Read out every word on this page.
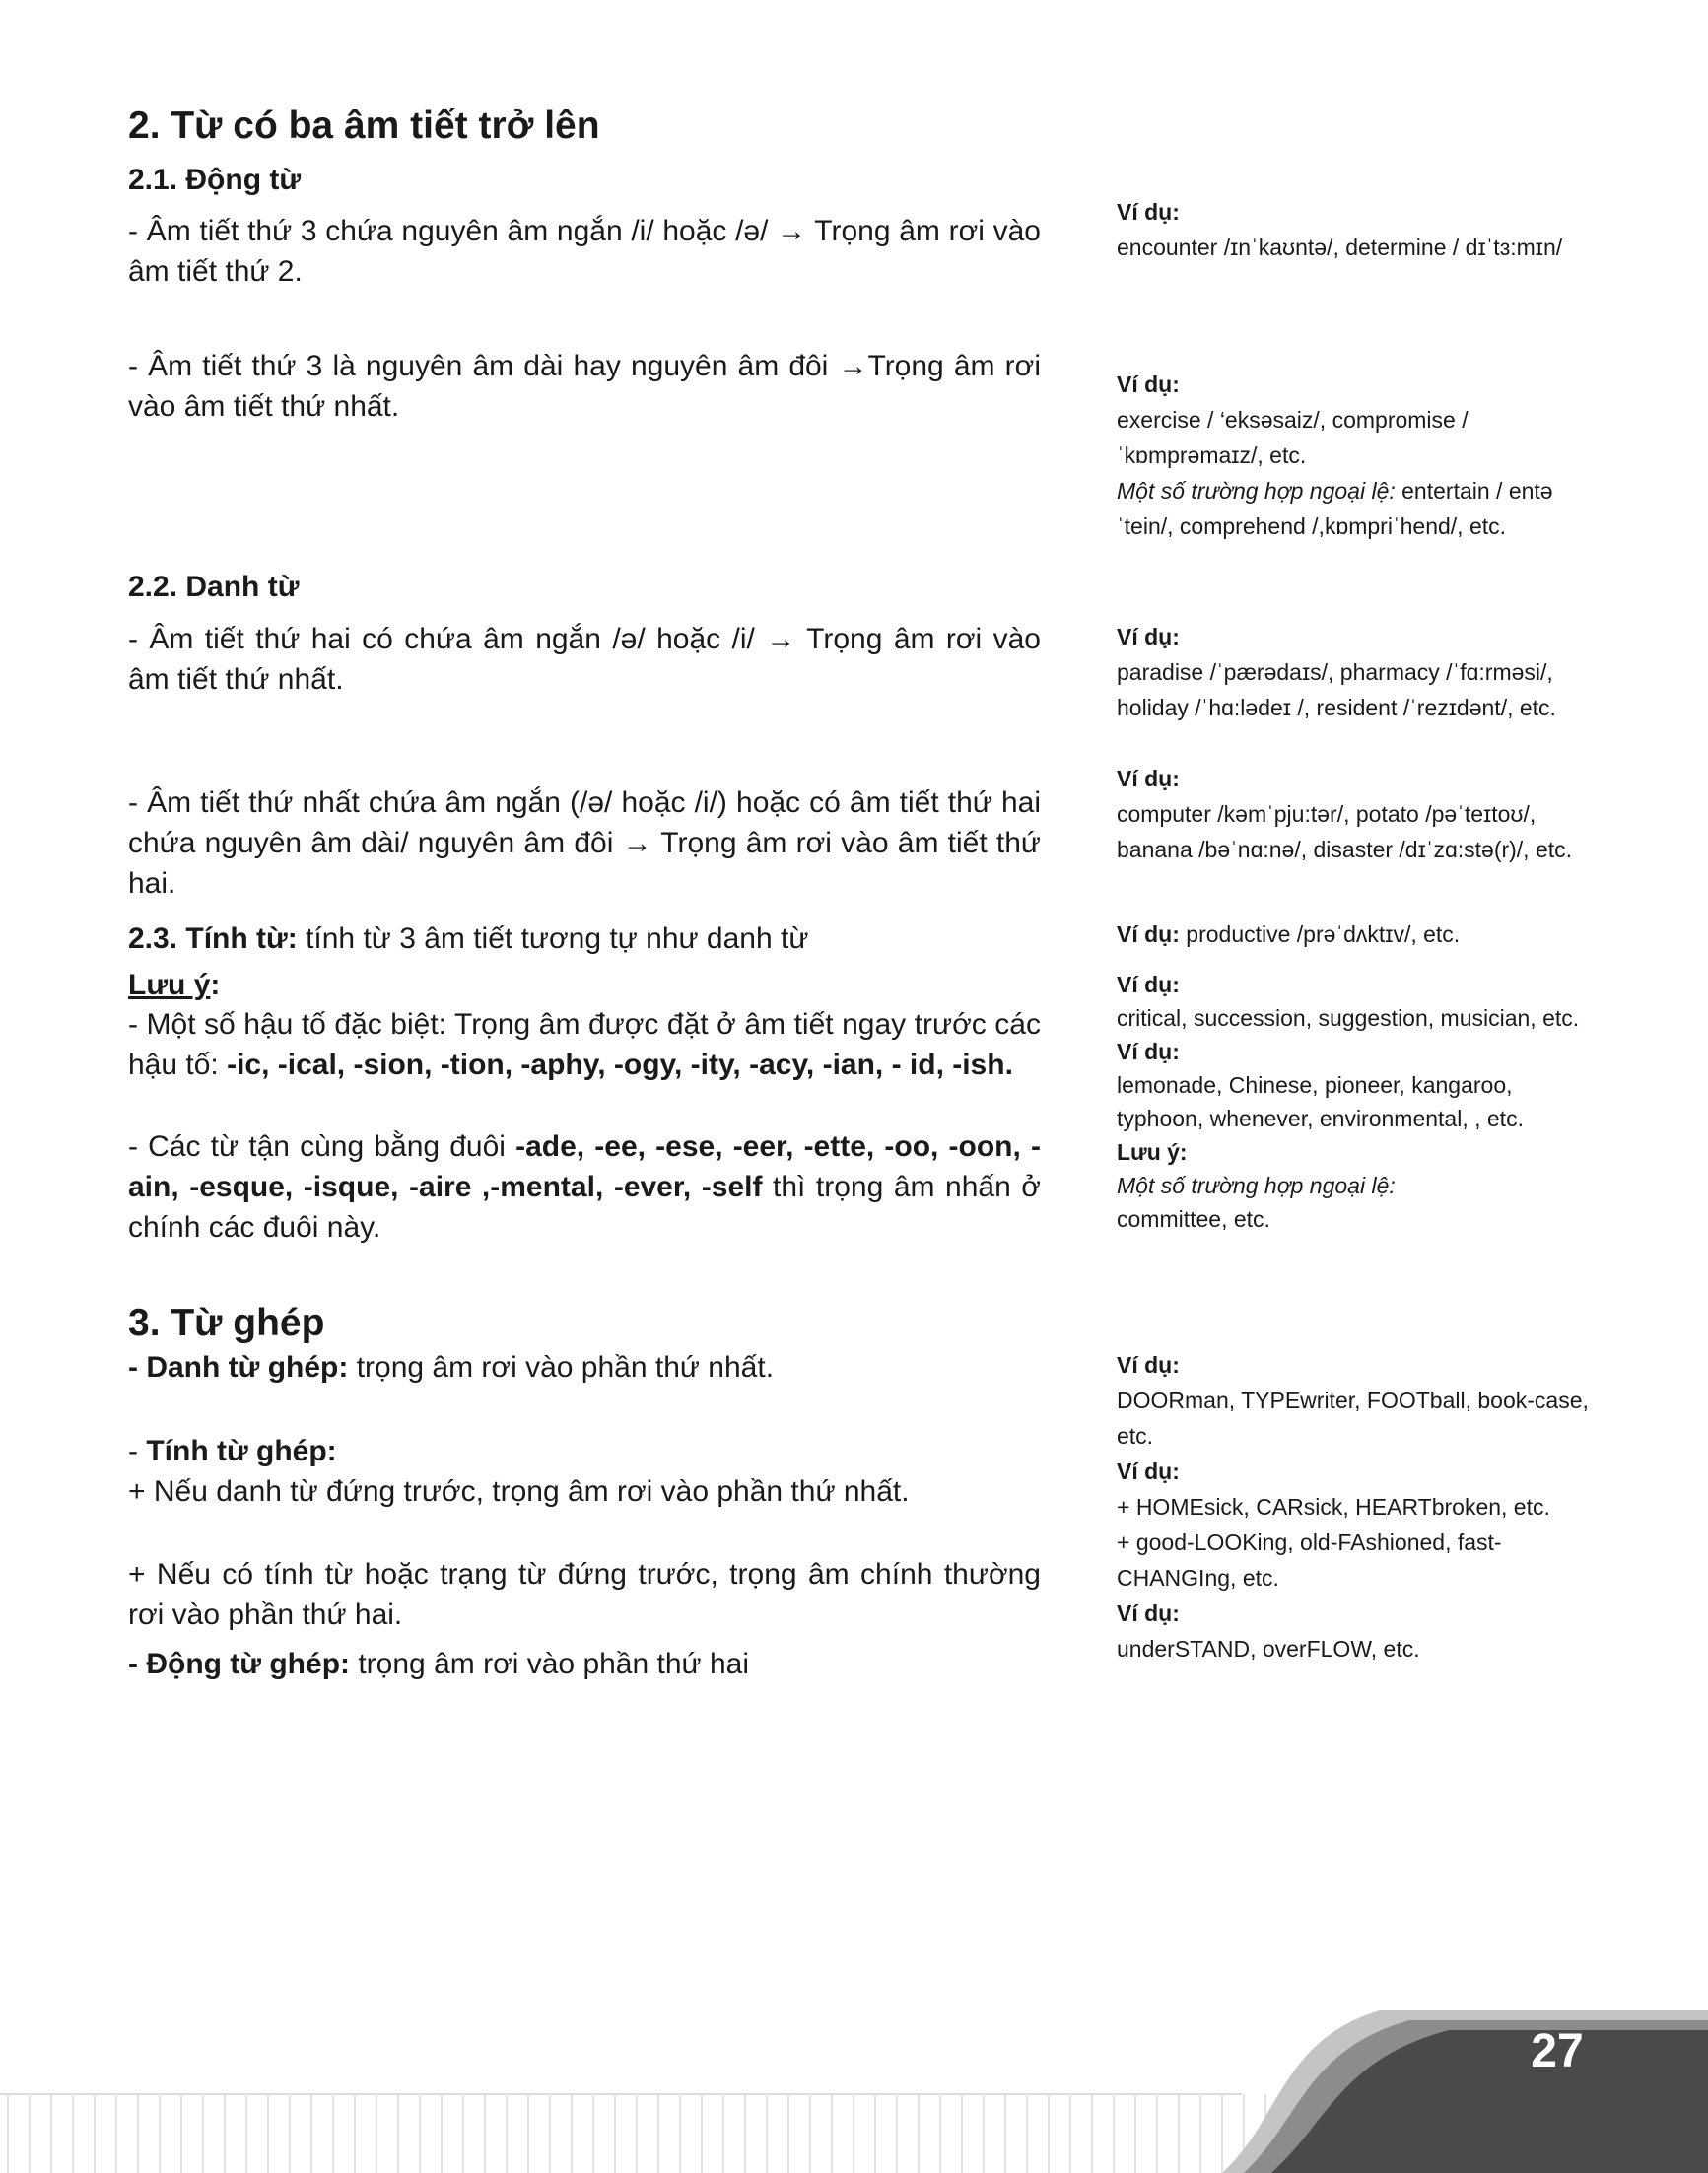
2. Từ có ba âm tiết trở lên
2.1. Động từ
- Âm tiết thứ 3 chứa nguyên âm ngắn /i/ hoặc /ə/ → Trọng âm rơi vào âm tiết thứ 2.
- Âm tiết thứ 3 là nguyên âm dài hay nguyên âm đôi →Trọng âm rơi vào âm tiết thứ nhất.
2.2. Danh từ
- Âm tiết thứ hai có chứa âm ngắn /ə/ hoặc /i/ → Trọng âm rơi vào âm tiết thứ nhất.
- Âm tiết thứ nhất chứa âm ngắn (/ə/ hoặc /i/) hoặc có âm tiết thứ hai chứa nguyên âm dài/ nguyên âm đôi → Trọng âm rơi vào âm tiết thứ hai.
2.3. Tính từ: tính từ 3 âm tiết tương tự như danh từ
Lưu ý:
- Một số hậu tố đặc biệt: Trọng âm được đặt ở âm tiết ngay trước các hậu tố: -ic, -ical, -sion, -tion, -aphy, -ogy, -ity, -acy, -ian, - id, -ish.
- Các từ tận cùng bằng đuôi -ade, -ee, -ese, -eer, -ette, -oo, -oon, -ain, -esque, -isque, -aire ,-mental, -ever, -self thì trọng âm nhấn ở chính các đuôi này.
3. Từ ghép
- Danh từ ghép: trọng âm rơi vào phần thứ nhất.
- Tính từ ghép:
+ Nếu danh từ đứng trước, trọng âm rơi vào phần thứ nhất.
+ Nếu có tính từ hoặc trạng từ đứng trước, trọng âm chính thường rơi vào phần thứ hai.
- Động từ ghép: trọng âm rơi vào phần thứ hai
Ví dụ:
encounter /ɪnˈkaʊntə/, determine / dɪˈtɜ:mɪn/
Ví dụ:
exercise / ‘eksəsaiz/, compromise / ˈkɒmprəmaɪz/, etc.
Một số trường hợp ngoại lệ: entertain / entəˈtein/, comprehend /,kɒmpriˈhend/, etc.
Ví dụ:
paradise /ˈpærədaɪs/, pharmacy /ˈfɑ:rməsi/, holiday /ˈhɑ:lədeɪ /, resident /ˈrezɪdənt/, etc.
Ví dụ:
computer /kəmˈpju:tər/, potato /pəˈteɪtoʊ/, banana /bəˈnɑ:nə/, disaster /dɪˈzɑ:stə(r)/, etc.
Ví dụ: productive /prəˈdʌktɪv/, etc.
Ví dụ:
critical, succession, suggestion, musician, etc.
Ví dụ:
lemonade, Chinese, pioneer, kangaroo, typhoon, whenever, environmental, , etc.
Lưu ý:
Một số trường hợp ngoại lệ:
committee, etc.
Ví dụ:
DOORman, TYPEwriter, FOOTball, book-case, etc.
Ví dụ:
+ HOMEsick, CARsick, HEARTbroken, etc.
+ good-LOOKing, old-FAshioned, fast-CHANGIng, etc.
Ví dụ:
underSTAND, overFLOW, etc.
27
